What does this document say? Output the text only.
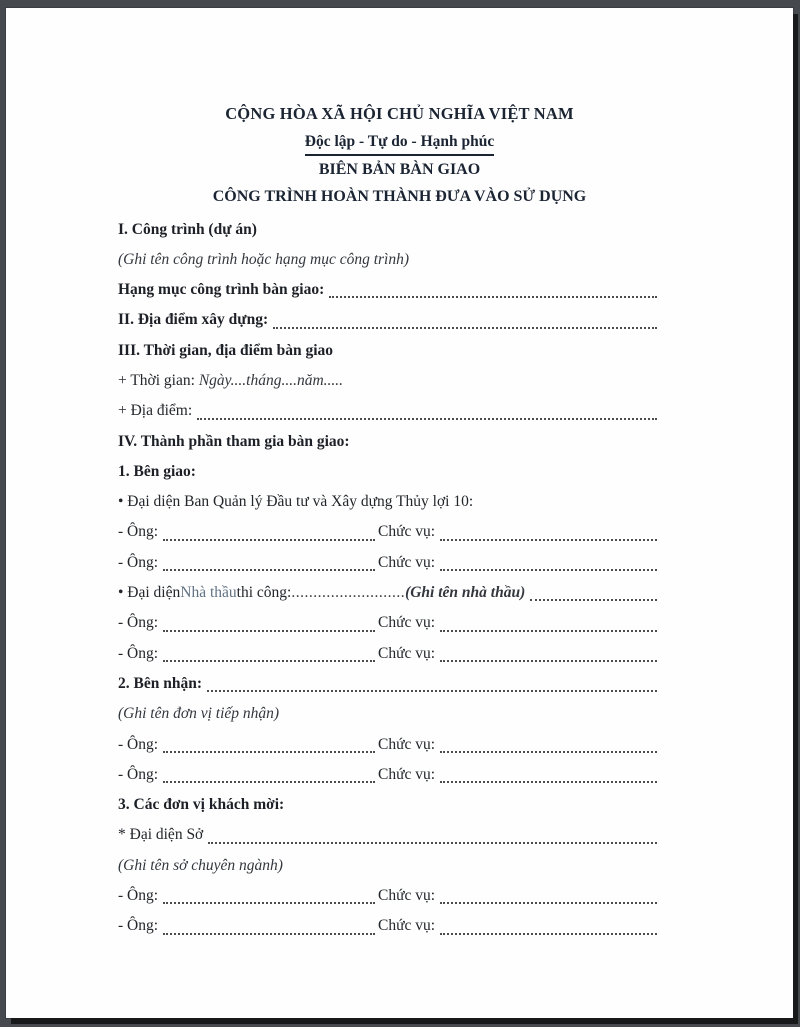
CỘNG HÒA XÃ HỘI CHỦ NGHĨA VIỆT NAM
Độc lập - Tự do - Hạnh phúc
BIÊN BẢN BÀN GIAO
CÔNG TRÌNH HOÀN THÀNH ĐƯA VÀO SỬ DỤNG
I. Công trình (dự án)
(Ghi tên công trình hoặc hạng mục công trình)
Hạng mục công trình bàn giao:
II. Địa điểm xây dựng:
III. Thời gian, địa điểm bàn giao
+ Thời gian: Ngày....tháng....năm.....
+ Địa điểm:
IV. Thành phần tham gia bàn giao:
1. Bên giao:
• Đại diện Ban Quản lý Đầu tư và Xây dựng Thủy lợi 10:
- Ông:	Chức vụ:
- Ông:	Chức vụ:
• Đại diện Nhà thầu thi công: .......................... (Ghi tên nhà thầu)
- Ông:	Chức vụ:
- Ông:	Chức vụ:
2. Bên nhận:
(Ghi tên đơn vị tiếp nhận)
- Ông:	Chức vụ:
- Ông:	Chức vụ:
3. Các đơn vị khách mời:
* Đại diện Sở
(Ghi tên sở chuyên ngành)
- Ông:	Chức vụ:
- Ông:	Chức vụ:
